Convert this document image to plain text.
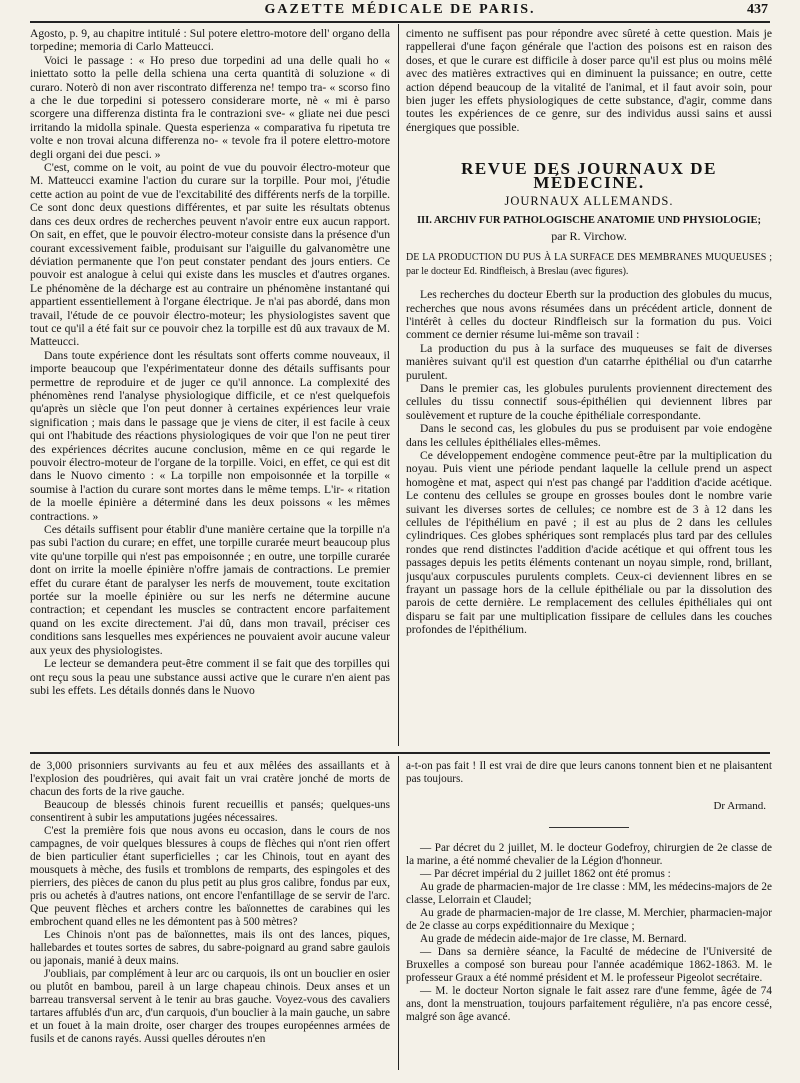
GAZETTE MÉDICALE DE PARIS.	437

Agosto, p. 9, au chapitre intitulé : Sul potere elettro-motore dell' organo della torpedine; memoria di Carlo Matteucci.

Voici le passage : « Ho preso due torpedini ad una delle quali ho « iniettato sotto la pelle della schiena una certa quantità di soluzione « di curaro. Noterò di non aver riscontrato differenza ne! tempo tra- « scorso fino a che le due torpedini si potessero considerare morte, nè « mi è parso scorgere una differenza distinta fra le contrazioni sve- « gliate nei due pesci irritando la midolla spinale. Questa esperienza « comparativa fu ripetuta tre volte e non trovai alcuna differenza no- « tevole fra il potere elettro-motore degli organi dei due pesci. »

C'est, comme on le voit, au point de vue du pouvoir électro-moteur que M. Matteucci examine l'action du curare sur la torpille. Pour moi, j'étudie cette action au point de vue de l'excitabilité des différents nerfs de la torpille. Ce sont donc deux questions différentes, et par suite les résultats obtenus dans ces deux ordres de recherches peuvent n'avoir entre eux aucun rapport. On sait, en effet, que le pouvoir électro-moteur consiste dans la présence d'un courant excessivement faible, produisant sur l'aiguille du galvanomètre une déviation permanente que l'on peut constater pendant des jours entiers. Ce pouvoir est analogue à celui qui existe dans les muscles et d'autres organes. Le phénomène de la décharge est au contraire un phénomène instantané qui appartient essentiellement à l'organe électrique. Je n'ai pas abordé, dans mon travail, l'étude de ce pouvoir électro-moteur; les physiologistes savent que tout ce qu'il a été fait sur ce pouvoir chez la torpille est dû aux travaux de M. Matteucci.

Dans toute expérience dont les résultats sont offerts comme nouveaux, il importe beaucoup que l'expérimentateur donne des détails suffisants pour permettre de reproduire et de juger ce qu'il annonce. La complexité des phénomènes rend l'analyse physiologique difficile, et ce n'est quelquefois qu'après un siècle que l'on peut donner à certaines expériences leur vraie signification ; mais dans le passage que je viens de citer, il est facile à ceux qui ont l'habitude des réactions physiologiques de voir que l'on ne peut tirer des expériences décrites aucune conclusion, même en ce qui regarde le pouvoir électro-moteur de l'organe de la torpille. Voici, en effet, ce qui est dit dans le Nuovo cimento : « La torpille non empoisonnée et la torpille « soumise à l'action du curare sont mortes dans le même temps. L'ir- « ritation de la moelle épinière a déterminé dans les deux poissons « les mêmes contractions. »

Ces détails suffisent pour établir d'une manière certaine que la torpille n'a pas subi l'action du curare; en effet, une torpille curarée meurt beaucoup plus vite qu'une torpille qui n'est pas empoisonnée ; en outre, une torpille curarée dont on irrite la moelle épinière n'offre jamais de contractions. Le premier effet du curare étant de paralyser les nerfs de mouvement, toute excitation portée sur la moelle épinière ou sur les nerfs ne détermine aucune contraction; et cependant les muscles se contractent encore parfaitement quand on les excite directement. J'ai dû, dans mon travail, préciser ces conditions sans lesquelles mes expériences ne pouvaient avoir aucune valeur aux yeux des physiologistes.

Le lecteur se demandera peut-être comment il se fait que des torpilles qui ont reçu sous la peau une substance aussi active que le curare n'en aient pas subi les effets. Les détails donnés dans le Nuovo

cimento ne suffisent pas pour répondre avec sûreté à cette question. Mais je rappellerai d'une façon générale que l'action des poisons est en raison des doses, et que le curare est difficile à doser parce qu'il est plus ou moins mêlé avec des matières extractives qui en diminuent la puissance; en outre, cette action dépend beaucoup de la vitalité de l'animal, et il faut avoir soin, pour bien juger les effets physiologiques de cette substance, d'agir, comme dans toutes les expériences de ce genre, sur des individus aussi sains et aussi énergiques que possible.

REVUE DES JOURNAUX DE MÉDECINE.
JOURNAUX ALLEMANDS.
III. ARCHIV FUR PATHOLOGISCHE ANATOMIE UND PHYSIOLOGIE;
par R. Virchow.
DE LA PRODUCTION DU PUS À LA SURFACE DES MEMBRANES MUQUEUSES ; par le docteur Ed. Rindfleisch, à Breslau (avec figures).

Les recherches du docteur Eberth sur la production des globules du mucus, recherches que nous avons résumées dans un précédent article, donnent de l'intérêt à celles du docteur Rindfleisch sur la formation du pus. Voici comment ce dernier résume lui-même son travail :

La production du pus à la surface des muqueuses se fait de diverses manières suivant qu'il est question d'un catarrhe épithélial ou d'un catarrhe purulent.

Dans le premier cas, les globules purulents proviennent directement des cellules du tissu connectif sous-épithélien qui deviennent libres par soulèvement et rupture de la couche épithéliale correspondante.

Dans le second cas, les globules du pus se produisent par voie endogène dans les cellules épithéliales elles-mêmes.

Ce développement endogène commence peut-être par la multiplication du noyau. Puis vient une période pendant laquelle la cellule prend un aspect homogène et mat, aspect qui n'est pas changé par l'addition d'acide acétique. Le contenu des cellules se groupe en grosses boules dont le nombre varie suivant les diverses sortes de cellules; ce nombre est de 3 à 12 dans les cellules de l'épithélium en pavé ; il est au plus de 2 dans les cellules cylindriques. Ces globes sphériques sont remplacés plus tard par des cellules rondes que rend distinctes l'addition d'acide acétique et qui offrent tous les passages depuis les petits éléments contenant un noyau simple, rond, brillant, jusqu'aux corpuscules purulents complets. Ceux-ci deviennent libres en se frayant un passage hors de la cellule épithéliale ou par la dissolution des parois de cette dernière. Le remplacement des cellules épithéliales qui ont disparu se fait par une multiplication fissipare de cellules dans les couches profondes de l'épithélium.

de 3,000 prisonniers survivants au feu et aux mêlées des assaillants et à l'explosion des poudrières, qui avait fait un vrai cratère jonché de morts de chacun des forts de la rive gauche.

Beaucoup de blessés chinois furent recueillis et pansés; quelques-uns consentirent à subir les amputations jugées nécessaires.

C'est la première fois que nous avons eu occasion, dans le cours de nos campagnes, de voir quelques blessures à coups de flèches qui n'ont rien offert de bien particulier étant superficielles ; car les Chinois, tout en ayant des mousquets à mèche, des fusils et tromblons de remparts, des espingoles et des pierriers, des pièces de canon du plus petit au plus gros calibre, fondus par eux, pris ou achetés à d'autres nations, ont encore l'enfantillage de se servir de l'arc. Que peuvent flèches et archers contre les baïonnettes de carabines qui les embrochent quand elles ne les démontent pas à 500 mètres?

Les Chinois n'ont pas de baïonnettes, mais ils ont des lances, piques, hallebardes et toutes sortes de sabres, du sabre-poignard au grand sabre gaulois ou japonais, manié à deux mains.

J'oubliais, par complément à leur arc ou carquois, ils ont un bouclier en osier ou plutôt en bambou, pareil à un large chapeau chinois. Deux anses et un barreau transversal servent à le tenir au bras gauche. Voyez-vous des cavaliers tartares affublés d'un arc, d'un carquois, d'un bouclier à la main gauche, un sabre et un fouet à la main droite, oser charger des troupes européennes armées de fusils et de canons rayés. Aussi quelles déroutes n'en

a-t-on pas fait ! Il est vrai de dire que leurs canons tonnent bien et ne plaisantent pas toujours.

Dr Armand.

— Par décret du 2 juillet, M. le docteur Godefroy, chirurgien de 2e classe de la marine, a été nommé chevalier de la Légion d'honneur.

— Par décret impérial du 2 juillet 1862 ont été promus :

Au grade de pharmacien-major de 1re classe : MM, les médecins-majors de 2e classe, Lelorrain et Claudel;

Au grade de pharmacien-major de 1re classe, M. Merchier, pharmacien-major de 2e classe au corps expéditionnaire du Mexique ;

Au grade de médecin aide-major de 1re classe, M. Bernard.

— Dans sa dernière séance, la Faculté de médecine de l'Université de Bruxelles a composé son bureau pour l'année académique 1862-1863. M. le professeur Graux a été nommé président et M. le professeur Pigeolot secrétaire.

— M. le docteur Norton signale le fait assez rare d'une femme, âgée de 74 ans, dont la menstruation, toujours parfaitement régulière, n'a pas encore cessé, malgré son âge avancé.
